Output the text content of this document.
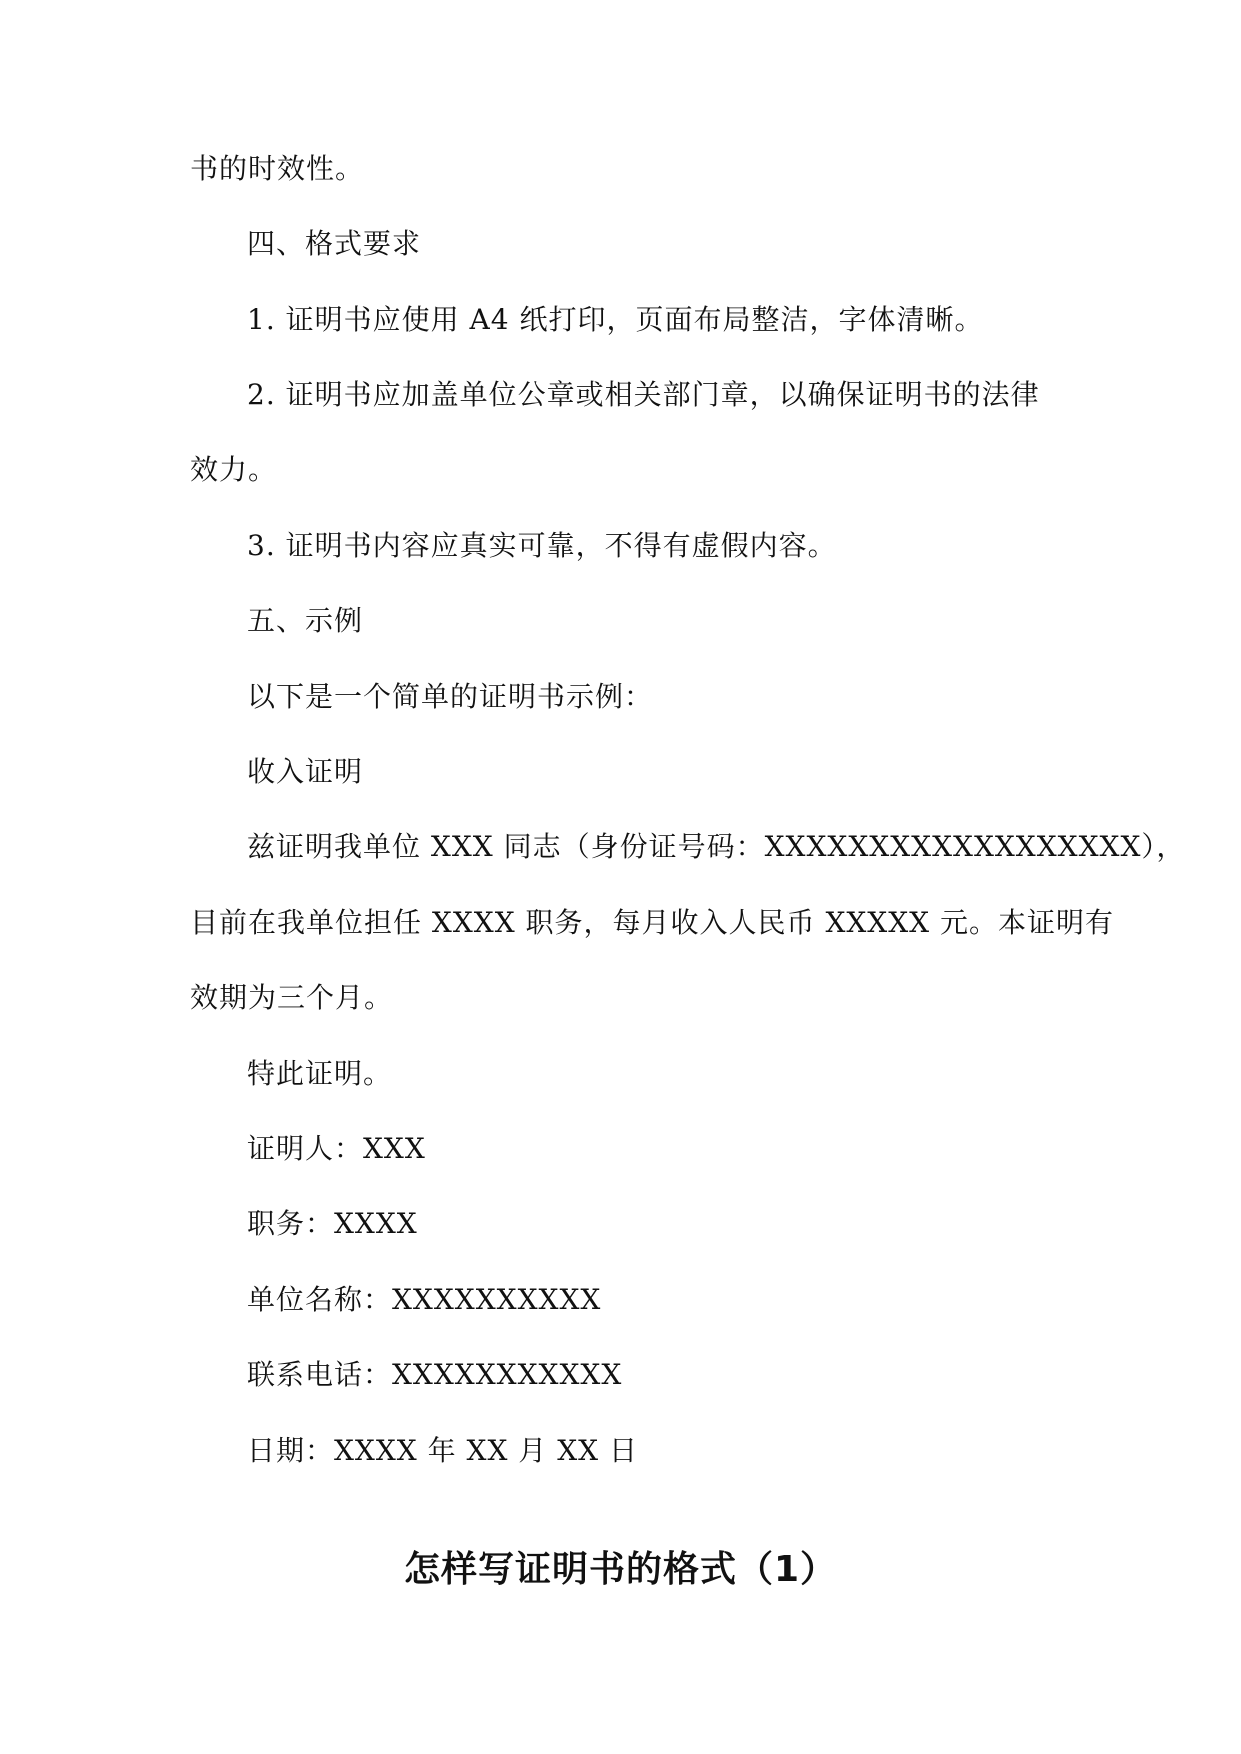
书的时效性。
四、格式要求
1. 证明书应使用 A4 纸打印，页面布局整洁，字体清晰。
2. 证明书应加盖单位公章或相关部门章，以确保证明书的法律
效力。
3. 证明书内容应真实可靠，不得有虚假内容。
五、示例
以下是一个简单的证明书示例：
收入证明
兹证明我单位 XXX 同志（身份证号码：XXXXXXXXXXXXXXXXXX），
目前在我单位担任 XXXX 职务，每月收入人民币 XXXXX 元。本证明有
效期为三个月。
特此证明。
证明人：XXX
职务：XXXX
单位名称：XXXXXXXXXX
联系电话：XXXXXXXXXXX
日期：XXXX 年 XX 月 XX 日
怎样写证明书的格式（1）
